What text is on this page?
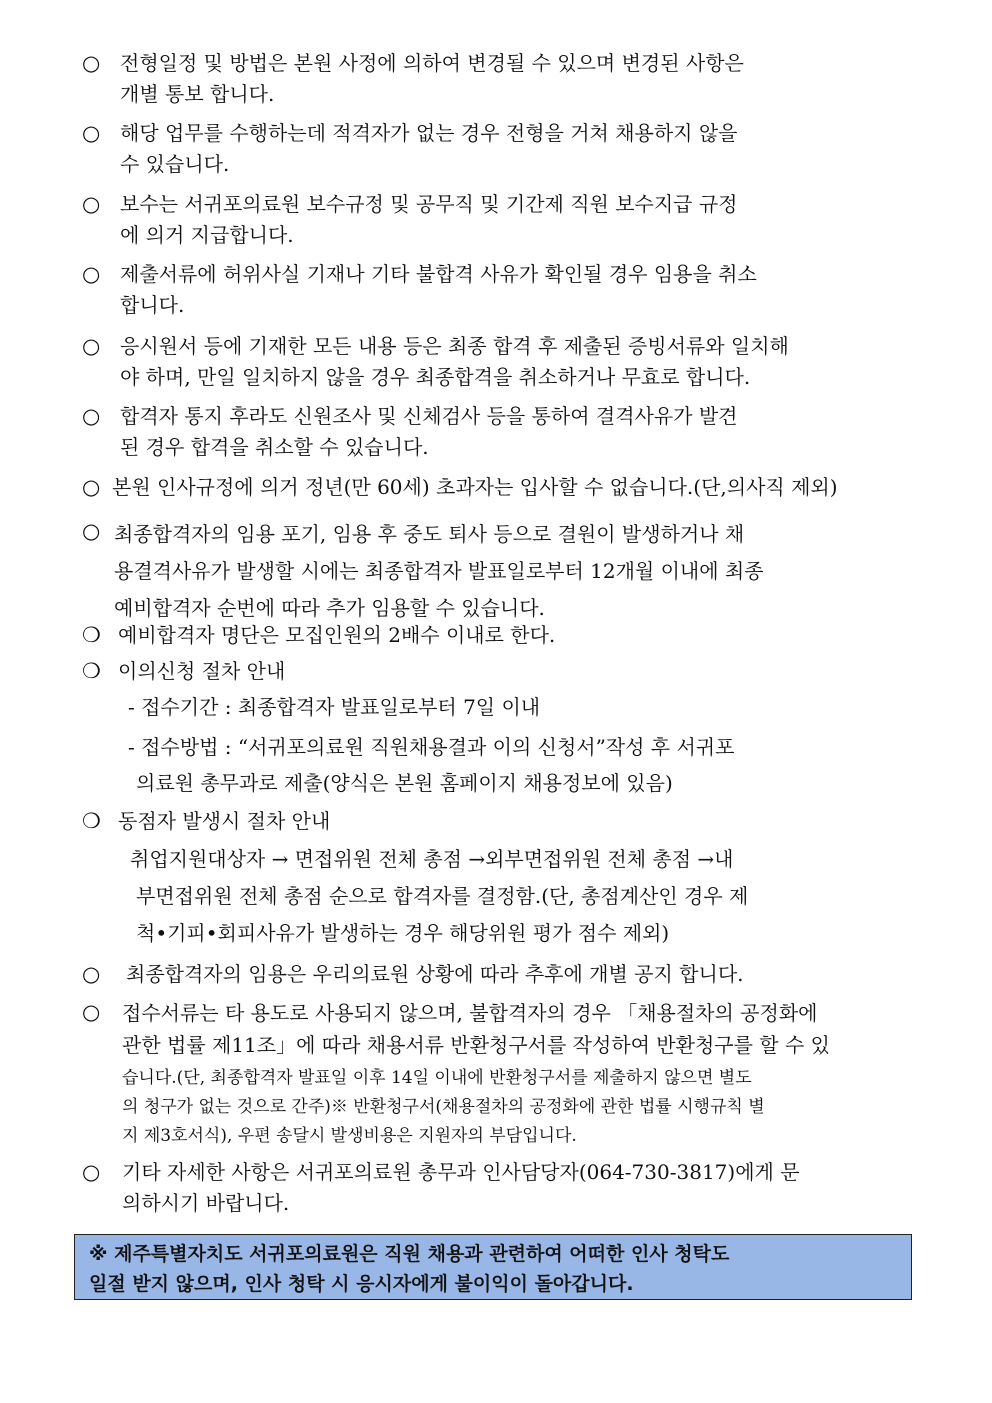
○ 전형일정 및 방법은 본원 사정에 의하여 변경될 수 있으며 변경된 사항은
개별 통보 합니다.
○ 해당 업무를 수행하는데 적격자가 없는 경우 전형을 거쳐 채용하지 않을
수 있습니다.
○ 보수는 서귀포의료원 보수규정 및 공무직 및 기간제 직원 보수지급 규정
에 의거 지급합니다.
○ 제출서류에 허위사실 기재나 기타 불합격 사유가 확인될 경우 임용을 취소
합니다.
○ 응시원서 등에 기재한 모든 내용 등은 최종 합격 후 제출된 증빙서류와 일치해
야 하며, 만일 일치하지 않을 경우 최종합격을 취소하거나 무효로 합니다.
○ 합격자 통지 후라도 신원조사 및 신체검사 등을 통하여 결격사유가 발견
된 경우 합격을 취소할 수 있습니다.
○ 본원 인사규정에 의거 정년(만 60세) 초과자는 입사할 수 없습니다.(단,의사직 제외)
○ 최종합격자의 임용 포기, 임용 후 중도 퇴사 등으로 결원이 발생하거나 채
용결격사유가 발생할 시에는 최종합격자 발표일로부터 12개월 이내에 최종
예비합격자 순번에 따라 추가 임용할 수 있습니다.
❍ 예비합격자 명단은 모집인원의 2배수 이내로 한다.
❍ 이의신청 절차 안내
- 접수기간 : 최종합격자 발표일로부터 7일 이내
- 접수방법 : “서귀포의료원 직원채용결과 이의 신청서”작성 후 서귀포
의료원 총무과로 제출(양식은 본원 홈페이지 채용정보에 있음)
❍ 동점자 발생시 절차 안내
취업지원대상자 → 면접위원 전체 총점 →외부면접위원 전체 총점 →내
부면접위원 전체 총점 순으로 합격자를 결정함.(단, 총점계산인 경우 제
척•기피•회피사유가 발생하는 경우 해당위원 평가 점수 제외)
○	최종합격자의 임용은 우리의료원 상황에 따라 추후에 개별 공지 합니다.
○	접수서류는 타 용도로 사용되지 않으며, 불합격자의 경우 「채용절차의 공정화에
관한 법률 제11조」에 따라 채용서류 반환청구서를 작성하여 반환청구를 할 수 있
습니다.(단, 최종합격자 발표일 이후 14일 이내에 반환청구서를 제출하지 않으면 별도
의 청구가 없는 것으로 간주)※ 반환청구서(채용절차의 공정화에 관한 법률 시행규칙 별
지 제3호서식), 우편 송달시 발생비용은 지원자의 부담입니다.
○	기타 자세한 사항은 서귀포의료원 총무과 인사담당자(064-730-3817)에게 문
의하시기 바랍니다.
※ 제주특별자치도 서귀포의료원은 직원 채용과 관련하여 어떠한 인사 청탁도
일절 받지 않으며, 인사 청탁 시 응시자에게 불이익이 돌아갑니다.
